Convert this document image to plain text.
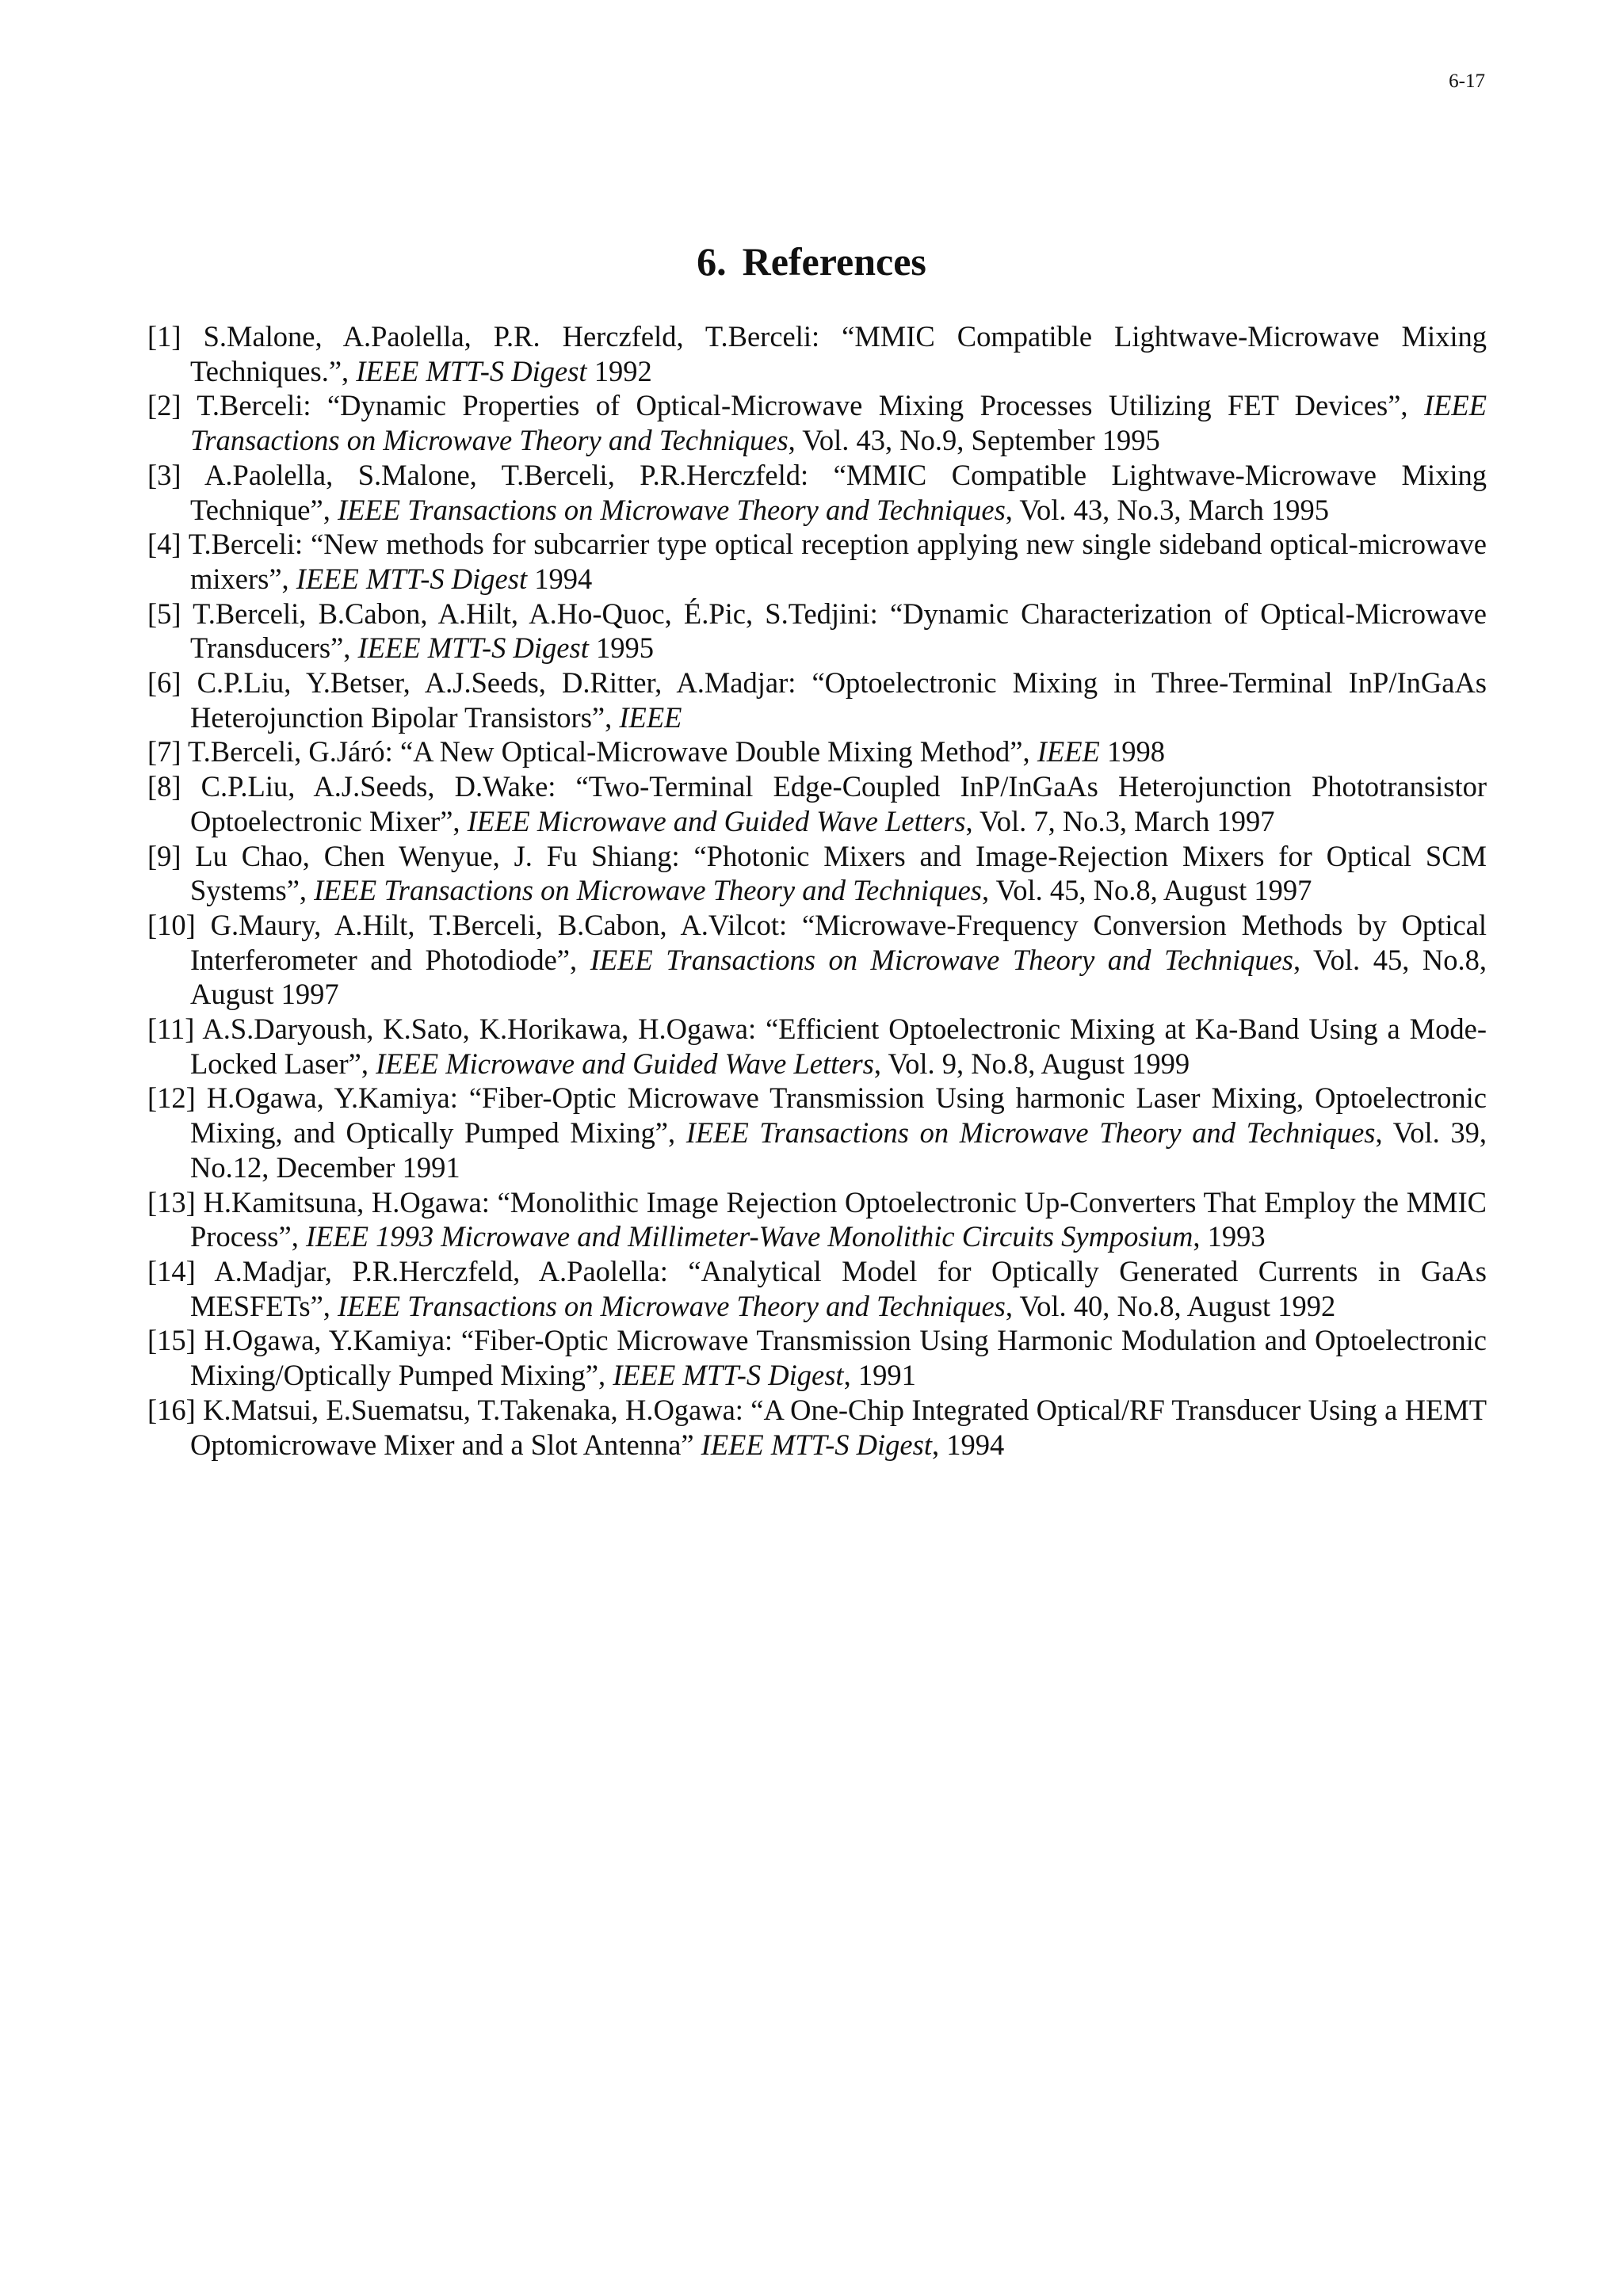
6-17
6. References
[1] S.Malone, A.Paolella, P.R. Herczfeld, T.Berceli: “MMIC Compatible Lightwave-Microwave Mixing Techniques.”, IEEE MTT-S Digest 1992
[2] T.Berceli: “Dynamic Properties of Optical-Microwave Mixing Processes Utilizing FET Devices”, IEEE Transactions on Microwave Theory and Techniques, Vol. 43, No.9, September 1995
[3] A.Paolella, S.Malone, T.Berceli, P.R.Herczfeld: “MMIC Compatible Lightwave-Microwave Mixing Technique”, IEEE Transactions on Microwave Theory and Techniques, Vol. 43, No.3, March 1995
[4] T.Berceli: “New methods for subcarrier type optical reception applying new single sideband optical-microwave mixers”, IEEE MTT-S Digest 1994
[5] T.Berceli, B.Cabon, A.Hilt, A.Ho-Quoc, É.Pic, S.Tedjini: “Dynamic Characterization of Optical-Microwave Transducers”, IEEE MTT-S Digest 1995
[6] C.P.Liu, Y.Betser, A.J.Seeds, D.Ritter, A.Madjar: “Optoelectronic Mixing in Three-Terminal InP/InGaAs Heterojunction Bipolar Transistors”, IEEE
[7] T.Berceli, G.Járó: “A New Optical-Microwave Double Mixing Method”, IEEE 1998
[8] C.P.Liu, A.J.Seeds, D.Wake: “Two-Terminal Edge-Coupled InP/InGaAs Heterojunction Phototransistor Optoelectronic Mixer”, IEEE Microwave and Guided Wave Letters, Vol. 7, No.3, March 1997
[9] Lu Chao, Chen Wenyue, J. Fu Shiang: “Photonic Mixers and Image-Rejection Mixers for Optical SCM Systems”, IEEE Transactions on Microwave Theory and Techniques, Vol. 45, No.8, August 1997
[10] G.Maury, A.Hilt, T.Berceli, B.Cabon, A.Vilcot: “Microwave-Frequency Conversion Methods by Optical Interferometer and Photodiode”, IEEE Transactions on Microwave Theory and Techniques, Vol. 45, No.8, August 1997
[11] A.S.Daryoush, K.Sato, K.Horikawa, H.Ogawa: “Efficient Optoelectronic Mixing at Ka-Band Using a Mode-Locked Laser”, IEEE Microwave and Guided Wave Letters, Vol. 9, No.8, August 1999
[12] H.Ogawa, Y.Kamiya: “Fiber-Optic Microwave Transmission Using harmonic Laser Mixing, Optoelectronic Mixing, and Optically Pumped Mixing”, IEEE Transactions on Microwave Theory and Techniques, Vol. 39, No.12, December 1991
[13] H.Kamitsuna, H.Ogawa: “Monolithic Image Rejection Optoelectronic Up-Converters That Employ the MMIC Process”, IEEE 1993 Microwave and Millimeter-Wave Monolithic Circuits Symposium, 1993
[14] A.Madjar, P.R.Herczfeld, A.Paolella: “Analytical Model for Optically Generated Currents in GaAs MESFETs”, IEEE Transactions on Microwave Theory and Techniques, Vol. 40, No.8, August 1992
[15] H.Ogawa, Y.Kamiya: “Fiber-Optic Microwave Transmission Using Harmonic Modulation and Optoelectronic Mixing/Optically Pumped Mixing”, IEEE MTT-S Digest, 1991
[16] K.Matsui, E.Suematsu, T.Takenaka, H.Ogawa: “A One-Chip Integrated Optical/RF Transducer Using a HEMT Optomicrowave Mixer and a Slot Antenna” IEEE MTT-S Digest, 1994
